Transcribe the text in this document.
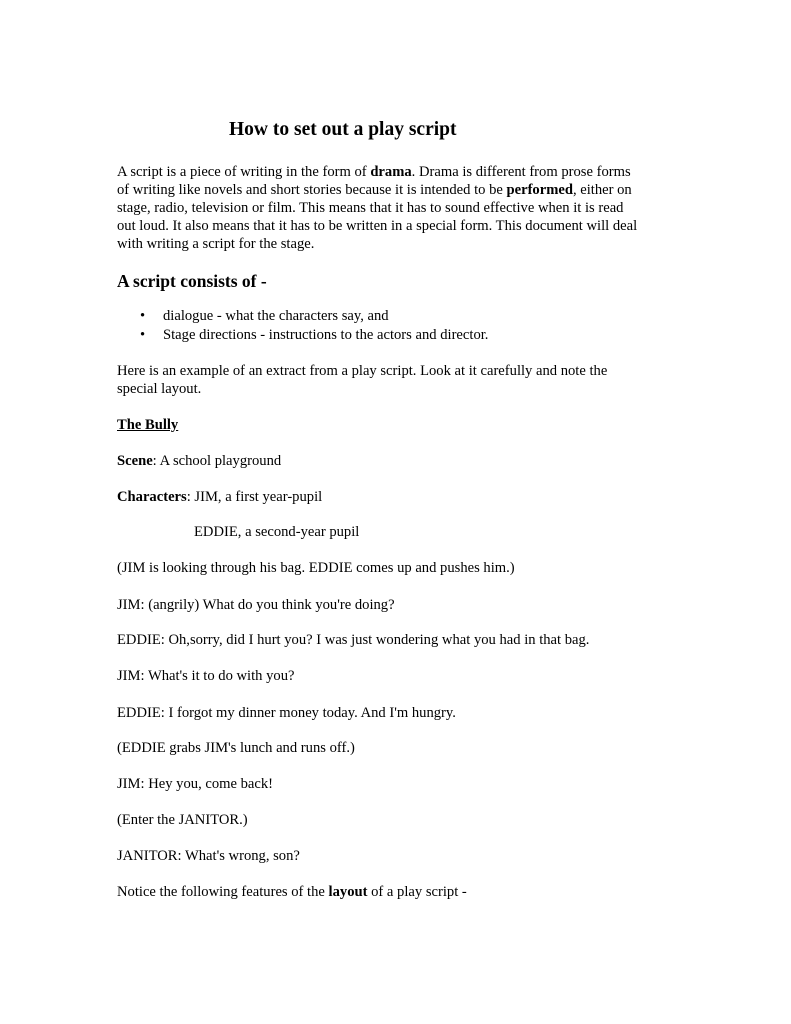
How to set out a play script

A script is a piece of writing in the form of drama. Drama is different from prose forms
of writing like novels and short stories because it is intended to be performed, either on
stage, radio, television or film. This means that it has to sound effective when it is read
out loud. It also means that it has to be written in a special form. This document will deal
with writing a script for the stage.

A script consists of -
• dialogue - what the characters say, and
• Stage directions - instructions to the actors and director.

Here is an example of an extract from a play script. Look at it carefully and note the
special layout.

The Bully

Scene: A school playground

Characters: JIM, a first year-pupil

EDDIE, a second-year pupil

(JIM is looking through his bag. EDDIE comes up and pushes him.)

JIM: (angrily) What do you think you're doing?

EDDIE: Oh,sorry, did I hurt you? I was just wondering what you had in that bag.

JIM: What's it to do with you?

EDDIE: I forgot my dinner money today. And I'm hungry.

(EDDIE grabs JIM's lunch and runs off.)

JIM: Hey you, come back!

(Enter the JANITOR.)

JANITOR: What's wrong, son?

Notice the following features of the layout of a play script -
